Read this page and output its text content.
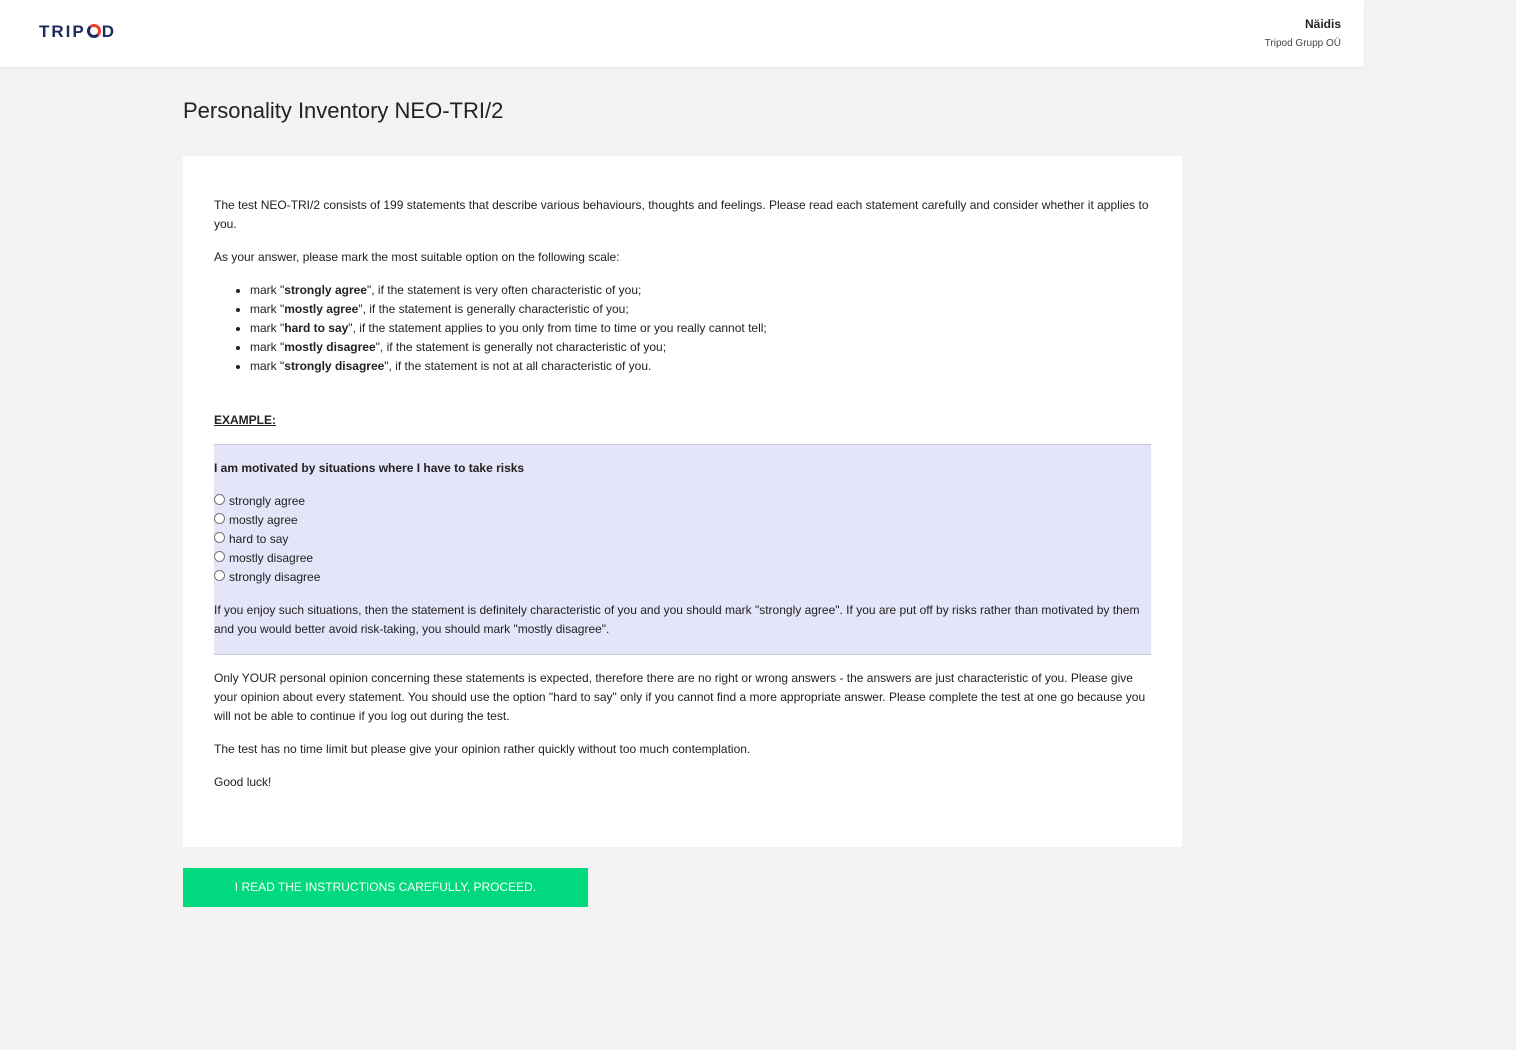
TRIP D	Näidis
Tripod Grupp OÜ
Personality Inventory NEO-TRI/2

The test NEO-TRI/2 consists of 199 statements that describe various behaviours, thoughts and feelings. Please read each statement carefully and consider whether it applies to you.

As your answer, please mark the most suitable option on the following scale:

• mark "strongly agree", if the statement is very often characteristic of you;
• mark "mostly agree", if the statement is generally characteristic of you;
• mark "hard to say", if the statement applies to you only from time to time or you really cannot tell;
• mark "mostly disagree", if the statement is generally not characteristic of you;
• mark "strongly disagree", if the statement is not at all characteristic of you.
EXAMPLE:
I am motivated by situations where I have to take risks
strongly agree
mostly agree
hard to say
mostly disagree
strongly disagree
If you enjoy such situations, then the statement is definitely characteristic of you and you should mark "strongly agree". If you are put off by risks rather than motivated by them and you would better avoid risk-taking, you should mark "mostly disagree".

Only YOUR personal opinion concerning these statements is expected, therefore there are no right or wrong answers - the answers are just characteristic of you. Please give your opinion about every statement. You should use the option "hard to say" only if you cannot find a more appropriate answer. Please complete the test at one go because you will not be able to continue if you log out during the test.

The test has no time limit but please give your opinion rather quickly without too much contemplation.

Good luck!

I READ THE INSTRUCTIONS CAREFULLY, PROCEED.
